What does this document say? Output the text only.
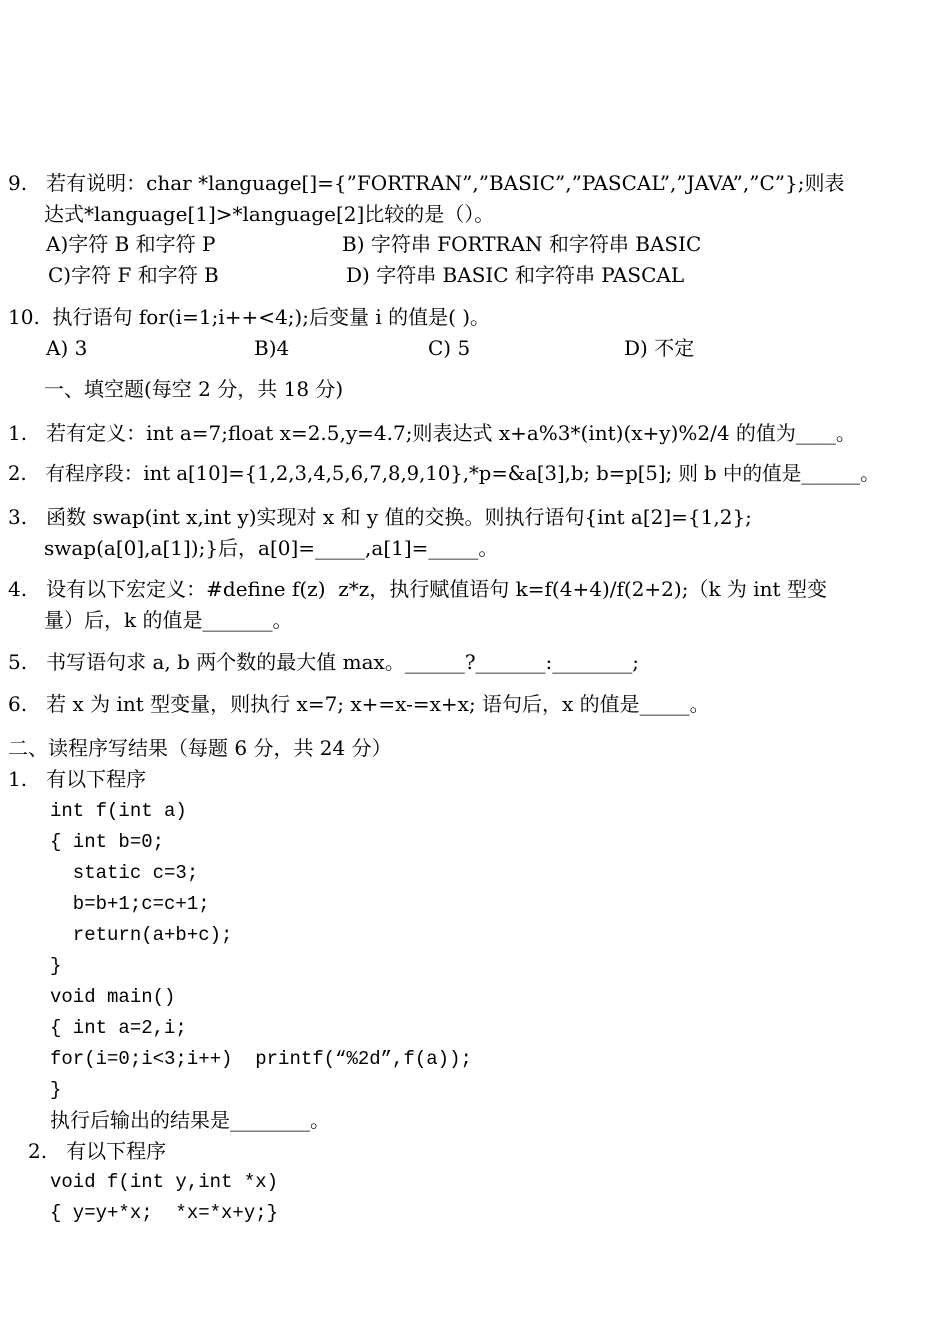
9.   若有说明：char *language[]={”FORTRAN”,”BASIC”,”PASCAL”,”JAVA”,”C”};则表
达式*language[1]>*language[2]比较的是（）。
A)字符 B 和字符 P	B) 字符串 FORTRAN 和字符串 BASIC
C)字符 F 和字符 B	D) 字符串 BASIC 和字符串 PASCAL
10.  执行语句 for(i=1;i++<4;);后变量 i 的值是( )。
A) 3	B)4	C) 5	D) 不定
一、填空题(每空 2 分，共 18 分)
1.   若有定义：int a=7;float x=2.5,y=4.7;则表达式 x+a%3*(int)(x+y)%2/4 的值为____。
2.   有程序段：int a[10]={1,2,3,4,5,6,7,8,9,10},*p=&a[3],b; b=p[5]; 则 b 中的值是______。
3.   函数 swap(int x,int y)实现对 x 和 y 值的交换。则执行语句{int a[2]={1,2};
swap(a[0],a[1]);}后，a[0]=_____,a[1]=_____。
4.   设有以下宏定义：#define f(z)  z*z，执行赋值语句 k=f(4+4)/f(2+2);（k 为 int 型变
量）后，k 的值是_______。
5.   书写语句求 a, b 两个数的最大值 max。______?_______:________;
6.   若 x 为 int 型变量，则执行 x=7; x+=x-=x+x; 语句后，x 的值是_____。
二、读程序写结果（每题 6 分，共 24 分）
1.   有以下程序
int f(int a)
{ int b=0;
static c=3;
b=b+1;c=c+1;
return(a+b+c);
}
void main()
{ int a=2,i;
for(i=0;i<3;i++)  printf(“%2d”,f(a));
}
执行后输出的结果是________。
2.   有以下程序
void f(int y,int *x)
{ y=y+*x;  *x=*x+y;}
